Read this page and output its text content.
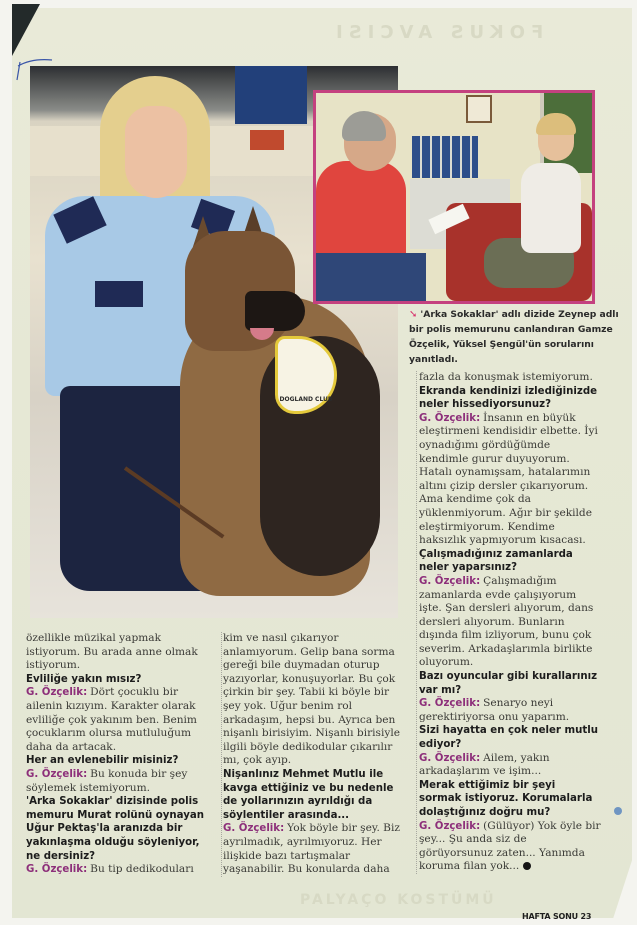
FOKUS AVCISI
DOGLAND CLUB
➘ 'Arka Sokaklar' adlı dizide Zeynep adlı bir polis memurunu canlandıran Gamze Özçelik, Yüksel Şengül'ün sorularını yanıtladı.

özellikle müzikal yapmak istiyorum. Bu arada anne olmak istiyorum.

Evliliğe yakın mısız?

G. Özçelik: Dört çocuklu bir ailenin kızıyım. Karakter olarak evliliğe çok yakınım ben. Benim çocuklarım olursa mutluluğum daha da artacak.

Her an evlenebilir misiniz?

G. Özçelik: Bu konuda bir şey söylemek istemiyorum.

'Arka Sokaklar' dizisinde polis memuru Murat rolünü oynayan Uğur Pektaş'la aranızda bir yakınlaşma olduğu söyleniyor, ne dersiniz?

G. Özçelik: Bu tip dedikoduları

kim ve nasıl çıkarıyor anlamıyorum. Gelip bana sorma gereği bile duymadan oturup yazıyorlar, konuşuyorlar. Bu çok çirkin bir şey. Tabii ki böyle bir şey yok. Uğur benim rol arkadaşım, hepsi bu. Ayrıca ben nişanlı birisiyim. Nişanlı birisiyle ilgili böyle dedikodular çıkarılır mı, çok ayıp.

Nişanlınız Mehmet Mutlu ile kavga ettiğiniz ve bu nedenle de yollarınızın ayrıldığı da söylentiler arasında...

G. Özçelik: Yok böyle bir şey. Biz ayrılmadık, ayrılmıyoruz. Her ilişkide bazı tartışmalar yaşanabilir. Bu konularda daha

fazla da konuşmak istemiyorum.

Ekranda kendinizi izlediğinizde neler hissediyorsunuz?

G. Özçelik: İnsanın en büyük eleştirmeni kendisidir elbette. İyi oynadığımı gördüğümde kendimle gurur duyuyorum. Hatalı oynamışsam, hatalarımın altını çizip dersler çıkarıyorum. Ama kendime çok da yüklenmiyorum. Ağır bir şekilde eleştirmiyorum. Kendime haksızlık yapmıyorum kısacası.

Çalışmadığınız zamanlarda neler yaparsınız?

G. Özçelik: Çalışmadığım zamanlarda evde çalışıyorum işte. Şan dersleri alıyorum, dans dersleri alıyorum. Bunların dışında film izliyorum, bunu çok severim. Arkadaşlarımla birlikte oluyorum.

Bazı oyuncular gibi kurallarınız var mı?

G. Özçelik: Senaryo neyi gerektiriyorsa onu yaparım.

Sizi hayatta en çok neler mutlu ediyor?

G. Özçelik: Ailem, yakın arkadaşlarım ve işim...

Merak ettiğimiz bir şeyi sormak istiyoruz. Korumalarla dolaştığınız doğru mu?

G. Özçelik: (Gülüyor) Yok öyle bir şey... Şu anda siz de görüyorsunuz zaten... Yanımda koruma filan yok...

PALYAÇO KOSTÜMÜ
HAFTA SONU 23
